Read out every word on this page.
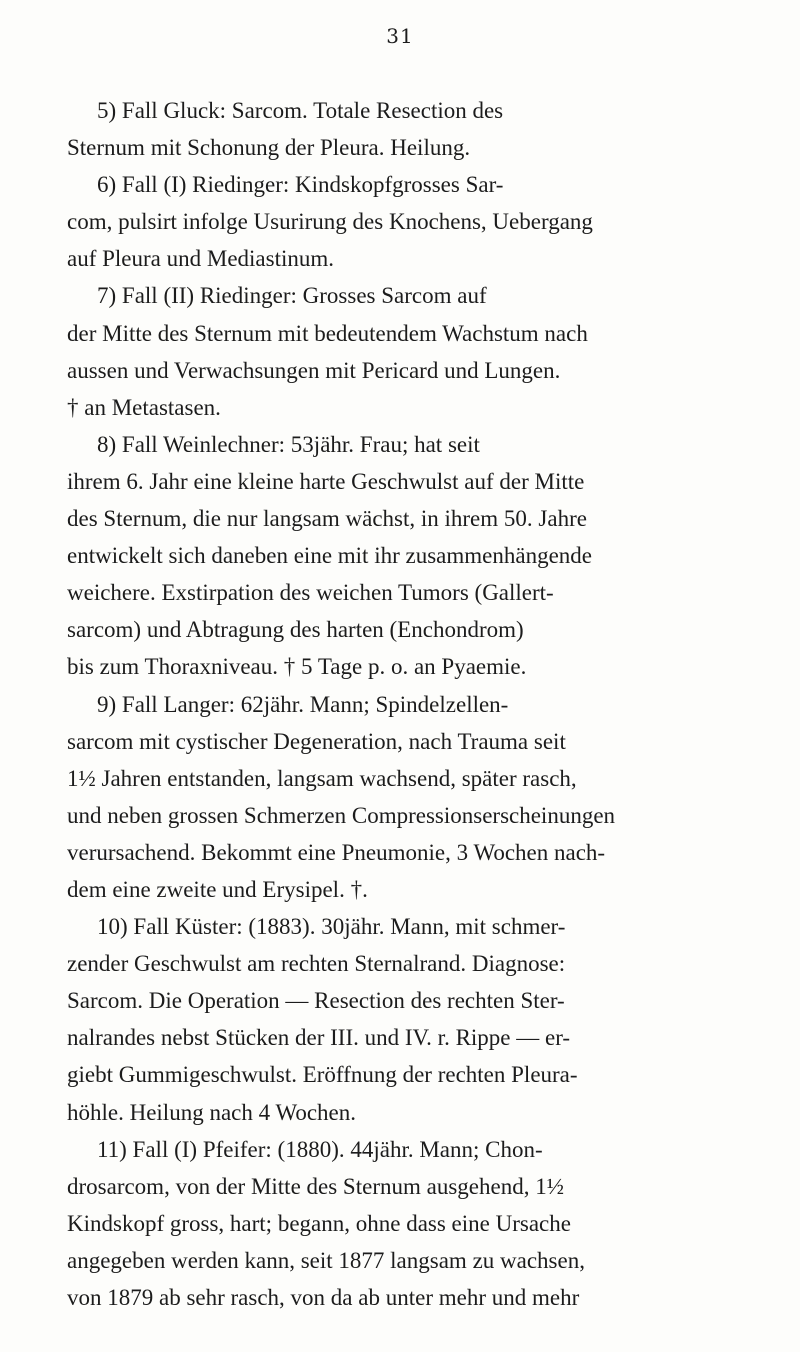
31
5) Fall Gluck: Sarcom. Totale Resection des
Sternum mit Schonung der Pleura. Heilung.
6) Fall (I) Riedinger: Kindskopfgrosses Sar-
com, pulsirt infolge Usurirung des Knochens, Uebergang
auf Pleura und Mediastinum.
7) Fall (II) Riedinger: Grosses Sarcom auf
der Mitte des Sternum mit bedeutendem Wachstum nach
aussen und Verwachsungen mit Pericard und Lungen.
† an Metastasen.
8) Fall Weinlechner: 53jähr. Frau; hat seit
ihrem 6. Jahr eine kleine harte Geschwulst auf der Mitte
des Sternum, die nur langsam wächst, in ihrem 50. Jahre
entwickelt sich daneben eine mit ihr zusammenhängende
weichere. Exstirpation des weichen Tumors (Gallert-
sarcom) und Abtragung des harten (Enchondrom)
bis zum Thoraxniveau. † 5 Tage p. o. an Pyaemie.
9) Fall Langer: 62jähr. Mann; Spindelzellen-
sarcom mit cystischer Degeneration, nach Trauma seit
1½ Jahren entstanden, langsam wachsend, später rasch,
und neben grossen Schmerzen Compressionserscheinungen
verursachend. Bekommt eine Pneumonie, 3 Wochen nach-
dem eine zweite und Erysipel. †.
10) Fall Küster: (1883). 30jähr. Mann, mit schmer-
zender Geschwulst am rechten Sternalrand. Diagnose:
Sarcom. Die Operation — Resection des rechten Ster-
nalrandes nebst Stücken der III. und IV. r. Rippe — er-
giebt Gummigeschwulst. Eröffnung der rechten Pleura-
höhle. Heilung nach 4 Wochen.
11) Fall (I) Pfeifer: (1880). 44jähr. Mann; Chon-
drosarcom, von der Mitte des Sternum ausgehend, 1½
Kindskopf gross, hart; begann, ohne dass eine Ursache
angegeben werden kann, seit 1877 langsam zu wachsen,
von 1879 ab sehr rasch, von da ab unter mehr und mehr
